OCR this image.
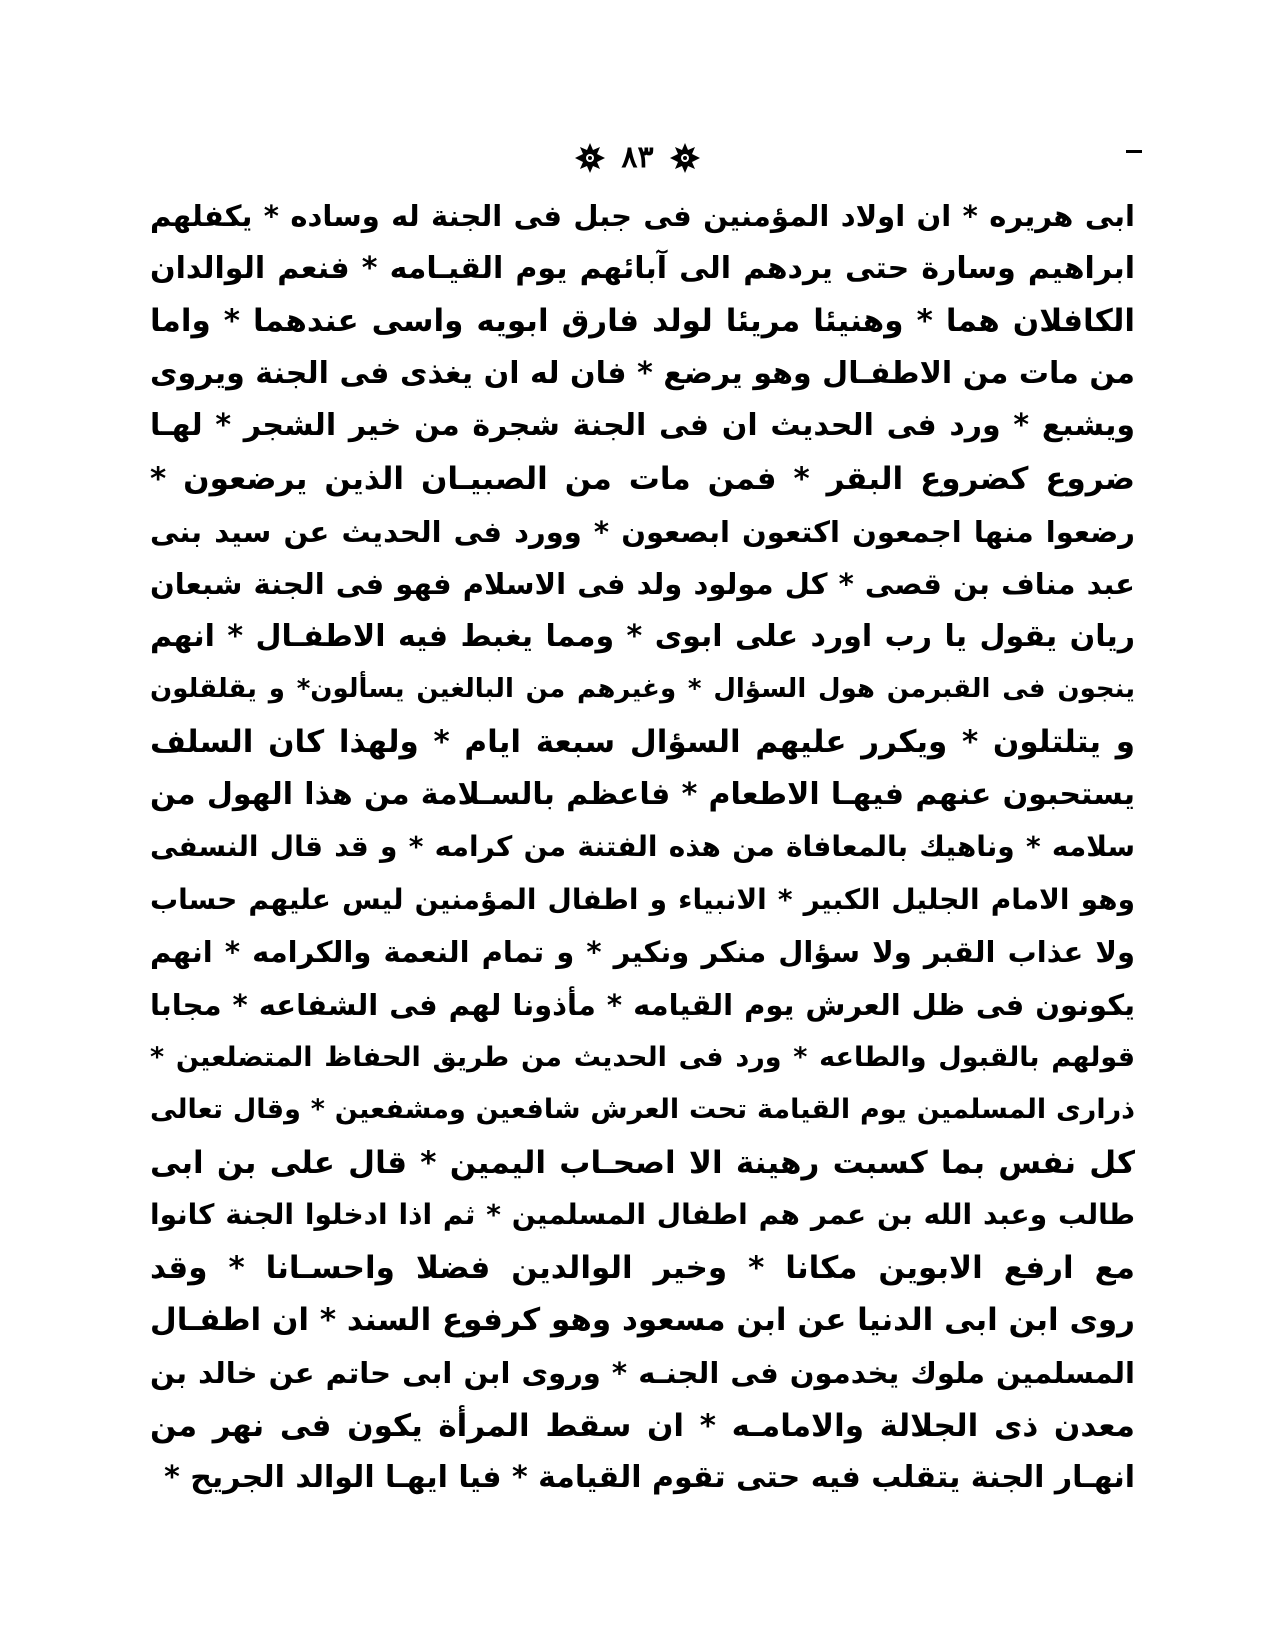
٨٣
ابى هريره * ان اولاد المؤمنين فى جبل فى الجنة له وساده * يكفلهم
ابراهيم وسارة حتى يردهم الى آبائهم يوم القيـامه * فنعم الوالدان
الكافلان هما * وهنيئا مريئا لولد فارق ابويه واسى عندهما * واما
من مات من الاطفـال وهو يرضع * فان له ان يغذى فى الجنة ويروى
ويشبع * ورد فى الحديث ان فى الجنة شجرة من خير الشجر * لهـا
ضروع كضروع البقر * فمن مات من الصبيـان الذين يرضعون *
رضعوا منها اجمعون اكتعون ابصعون * وورد فى الحديث عن سيد بنى
عبد مناف بن قصى * كل مولود ولد فى الاسلام فهو فى الجنة شبعان
ريان يقول يا رب اورد على ابوى * ومما يغبط فيه الاطفـال * انهم
ينجون فى القبرمن هول السؤال * وغيرهم من البالغين يسألون* و يقلقلون
و يتلتلون * ويكرر عليهم السؤال سبعة ايام * ولهذا كان السلف
يستحبون عنهم فيهـا الاطعام * فاعظم بالسـلامة من هذا الهول من
سلامه * وناهيك بالمعافاة من هذه الفتنة من كرامه * و قد قال النسفى
وهو الامام الجليل الكبير * الانبياء و اطفال المؤمنين ليس عليهم حساب
ولا عذاب القبر ولا سؤال منكر ونكير * و تمام النعمة والكرامه * انهم
يكونون فى ظل العرش يوم القيامه * مأذونا لهم فى الشفاعه * مجابا
قولهم بالقبول والطاعه * ورد فى الحديث من طريق الحفاظ المتضلعين *
ذرارى المسلمين يوم القيامة تحت العرش شافعين ومشفعين * وقال تعالى
كل نفس بما كسبت رهينة الا اصحـاب اليمين * قال على بن ابى
طالب وعبد الله بن عمر هم اطفال المسلمين * ثم اذا ادخلوا الجنة كانوا
مع ارفع الابوين مكانا * وخير الوالدين فضلا واحسـانا * وقد
روى ابن ابى الدنيا عن ابن مسعود وهو كرفوع السند * ان اطفـال
المسلمين ملوك يخدمون فى الجنـه * وروى ابن ابى حاتم عن خالد بن
معدن ذى الجلالة والامامـه * ان سقط المرأة يكون فى نهر من
انهـار الجنة يتقلب فيه حتى تقوم القيامة * فيا ايهـا الوالد الجريح *
